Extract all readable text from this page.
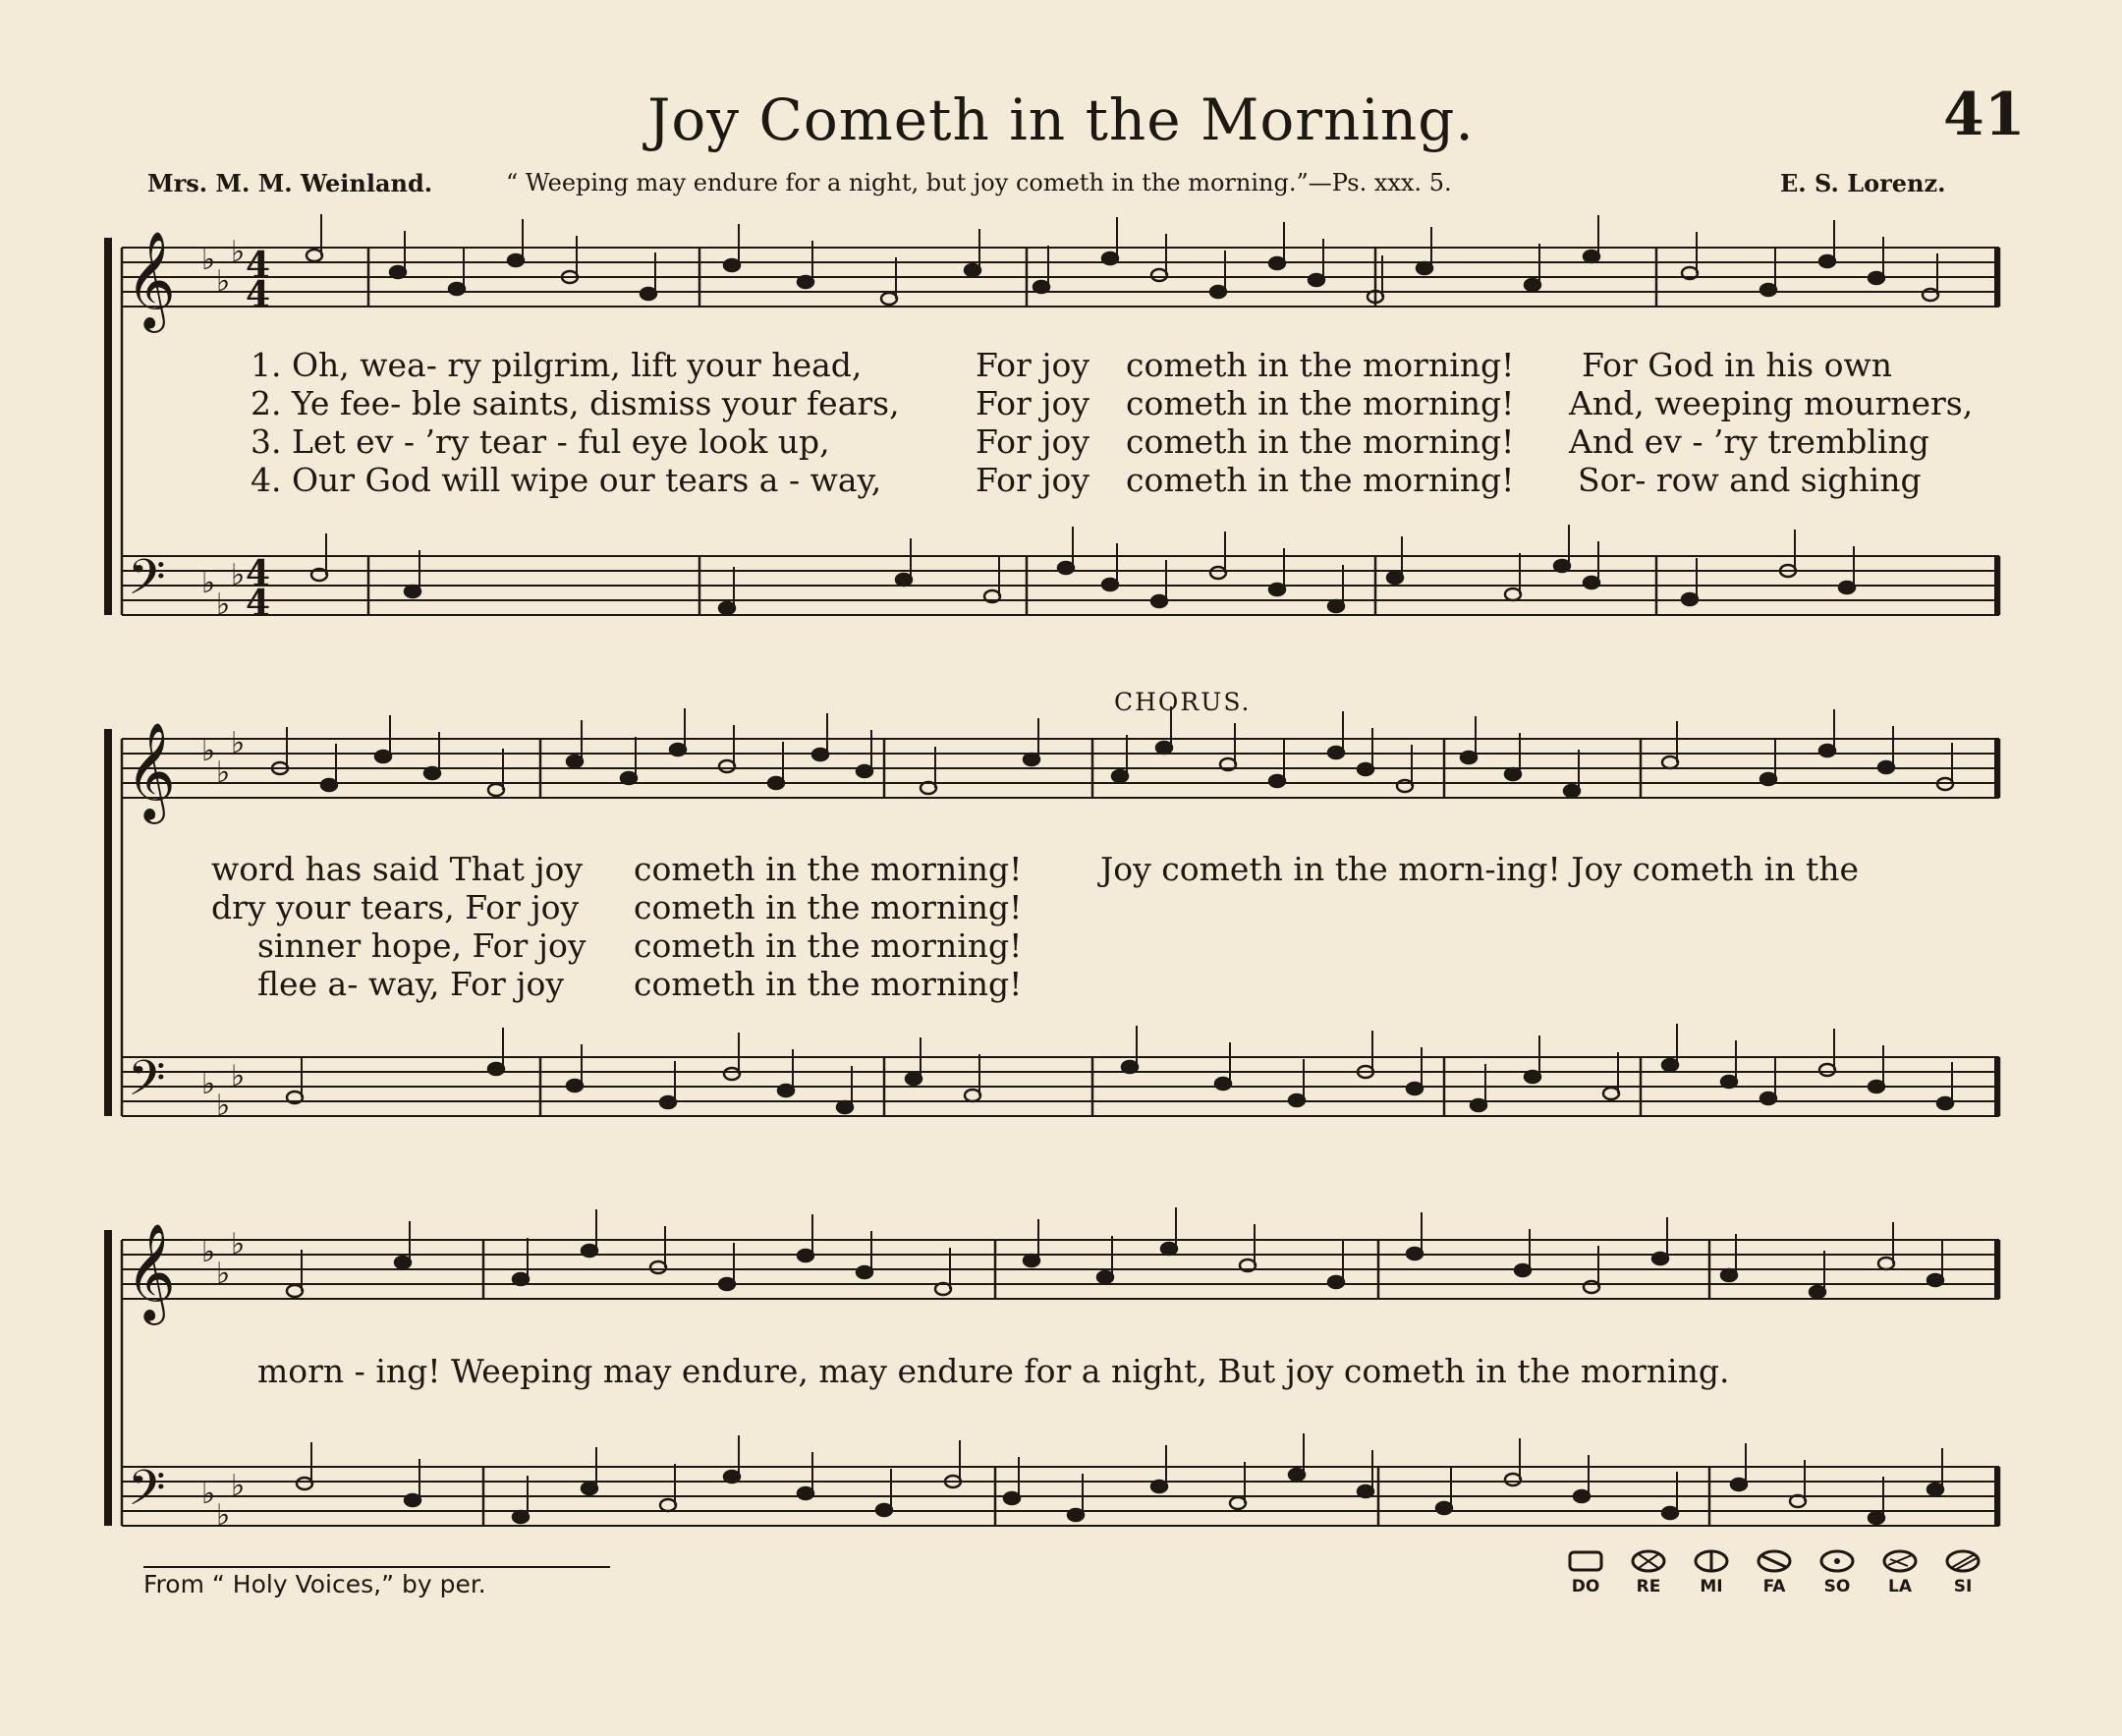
𝄞
𝄢
♭
♭
♭
♭
♭
♭
𝄞
𝄢
♭
♭
♭
♭
♭
♭
𝄞
𝄢
♭
♭
♭
♭
♭
♭
4
4
4
4
Joy Cometh in the Morning.	41
Mrs. M. M. Weinland.	“ Weeping may endure for a night, but joy cometh in the morning.”—Ps. xxx. 5.	E. S. Lorenz.
1. Oh, wea- ry pilgrim, lift your head,	For joy cometh in the morning! For God in his own
2. Ye fee- ble saints, dismiss your fears, For joy cometh in the morning! And, weeping mourners,
3. Let ev - ’ry tear - ful eye look up,	For joy cometh in the morning! And ev - ’ry trembling
4. Our God will wipe our tears a - way,	For joy cometh in the morning! Sor- row and sighing
CHORUS.
word has said That joy cometh in the morning!
dry your tears, For joy cometh in the morning!
sinner hope, For joy cometh in the morning!
flee a- way, For joy cometh in the morning!
Joy cometh in the morn-ing! Joy cometh in the
morn - ing! Weeping may endure, may endure for a night, But joy cometh in the morning.
From “ Holy Voices,” by per.	DO RE MI FA SO LA	SI
